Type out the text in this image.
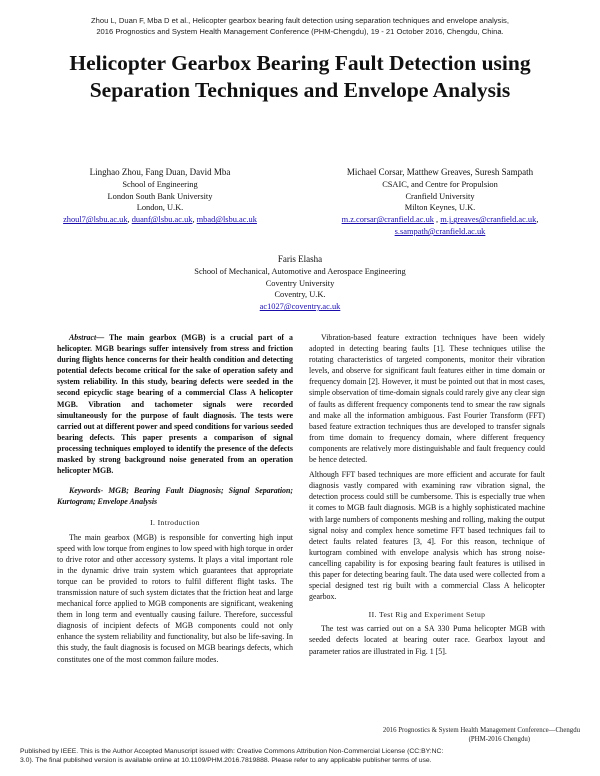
Zhou L, Duan F, Mba D et al., Helicopter gearbox bearing fault detection using separation techniques and envelope analysis,
2016 Prognostics and System Health Management Conference (PHM-Chengdu), 19 - 21 October 2016, Chengdu, China.
Helicopter Gearbox Bearing Fault Detection using
Separation Techniques and Envelope Analysis
Linghao Zhou, Fang Duan, David Mba
School of Engineering
London South Bank University
London, U.K.
zhoul7@lsbu.ac.uk, duanf@lsbu.ac.uk, mbad@lsbu.ac.uk
Michael Corsar, Matthew Greaves, Suresh Sampath
CSAIC, and Centre for Propulsion
Cranfield University
Milton Keynes, U.K.
m.z.corsar@cranfield.ac.uk , m.j.greaves@cranfield.ac.uk,
s.sampath@cranfield.ac.uk
Faris Elasha
School of Mechanical, Automotive and Aerospace Engineering
Coventry University
Coventry, U.K.
ac1027@coventry.ac.uk

Abstract— The main gearbox (MGB) is a crucial part of a helicopter. MGB bearings suffer intensively from stress and friction during flights hence concerns for their health condition and detecting potential defects become critical for the sake of operation safety and system reliability. In this study, bearing defects were seeded in the second epicyclic stage bearing of a commercial Class A helicopter MGB. Vibration and tachometer signals were recorded simultaneously for the purpose of fault diagnosis. The tests were carried out at different power and speed conditions for various seeded bearing defects. This paper presents a comparison of signal processing techniques employed to identify the presence of the defects masked by strong background noise generated from an operation helicopter MGB.

Keywords- MGB; Bearing Fault Diagnosis; Signal Separation; Kurtogram; Envelope Analysis

I. Introduction

The main gearbox (MGB) is responsible for converting high input speed with low torque from engines to low speed with high torque in order to drive rotor and other accessory systems. It plays a vital important role in the dynamic drive train system which guarantees that appropriate torque can be provided to rotors to fulfil different flight tasks. The transmission nature of such system dictates that the friction heat and large mechanical force applied to MGB components are significant, weakening them in long term and eventually causing failure. Therefore, successful diagnosis of incipient defects of MGB components could not only enhance the system reliability and functionality, but also be life-saving. In this study, the fault diagnosis is focused on MGB bearings defects, which constitutes one of the most common failure modes.

Vibration-based feature extraction techniques have been widely adopted in detecting bearing faults [1]. These techniques utilise the rotating characteristics of targeted components, monitor their vibration levels, and observe for significant fault features either in time domain or frequency domain [2]. However, it must be pointed out that in most cases, simple observation of time-domain signals could rarely give any clear sign of faults as different frequency components tend to smear the raw signals and make all the information ambiguous. Fast Fourier Transform (FFT) based feature extraction techniques thus are developed to transfer signals from time domain to frequency domain, where different frequency components are relatively more distinguishable and fault frequency could be hence detected.

Although FFT based techniques are more efficient and accurate for fault diagnosis vastly compared with examining raw vibration signal, the detection process could still be cumbersome. This is especially true when it comes to MGB fault diagnosis. MGB is a highly sophisticated machine with large numbers of components meshing and rolling, making the output signal noisy and complex hence sometime FFT based techniques fail to detect faults related features [3, 4]. For this reason, technique of kurtogram combined with envelope analysis which has strong noise-cancelling capability is for exposing bearing fault features is utilised in this paper for detecting bearing fault. The data used were collected from a special designed test rig built with a commercial Class A helicopter gearbox.

II. Test Rig and Experiment Setup

The test was carried out on a SA 330 Puma helicopter MGB with seeded defects located at bearing outer race. Gearbox layout and parameter ratios are illustrated in Fig. 1 [5].

2016 Prognostics & System Health Management Conference—Chengdu
(PHM-2016 Chengdu)
Published by IEEE. This is the Author Accepted Manuscript issued with: Creative Commons Attribution Non-Commercial License (CC:BY:NC:
3.0). The final published version is available online at 10.1109/PHM.2016.7819888. Please refer to any applicable publisher terms of use.
